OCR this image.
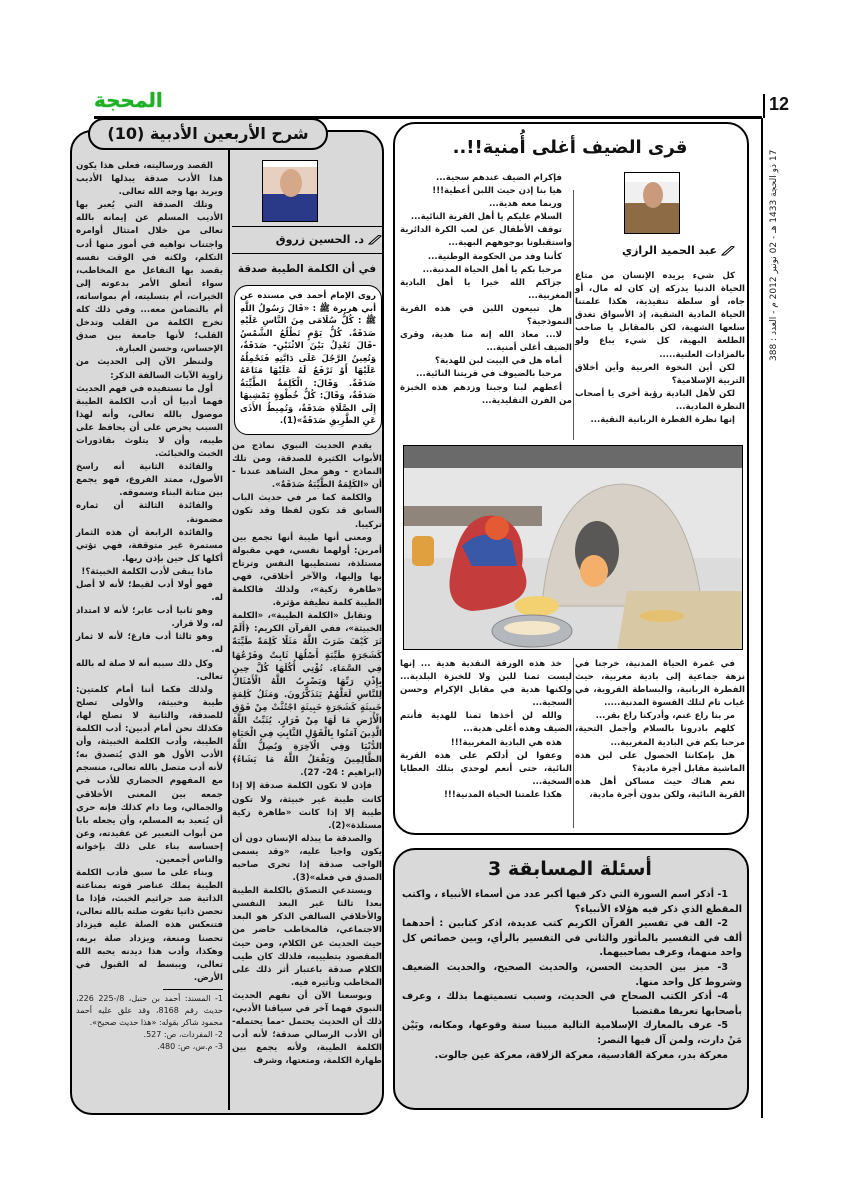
12
المحجة
17 ذو الحجة 1433 هـ - 02 نونبر 2012 م - العدد : 388
شرح الأربعين الأدبية (10)
د. الحسين زروق
في أن الكلمة الطيبة صدقة
روى الإمام أحمد في مسنده عن أبي هريرة ﷺ : «قَالَ رَسُولُ اللَّهِ ﷺ : كُلُّ سُلَامَى مِنَ النَّاسِ عَلَيْهِ صَدَقَةٌ. كُلُّ يَوْمٍ تَطْلُعُ الشَّمْسُ -قَالَ تَعْدِلُ بَيْنَ الاثْنَيْنِ- صَدَقَةٌ، وَتُعِينُ الرَّجُلَ عَلَى دَابَّتِهِ فَتَحْمِلُهُ عَلَيْهَا أَوْ تَرْفَعُ لَهُ عَلَيْهَا مَتَاعَهُ صَدَقَةٌ. وَقَالَ: الْكَلِمَةُ الطَّيِّبَةُ صَدَقَةٌ، وَقَالَ: كُلُّ خُطْوَةٍ يَمْشِيهَا إِلَى الصَّلَاةِ صَدَقَةٌ، وَتُمِيطُ الأَذَى عَنِ الطَّرِيقِ صَدَقَةٌ»(1).

يقدم الحديث النبوي نماذج من الأبواب الكثيرة للصدقة، ومن تلك النماذج - وهو محل الشاهد عندنا - أن «الكَلِمَةُ الطَّيِّبَةُ صَدَقَةٌ».

والكلمة كما مر في حديث الباب السابق قد تكون لفظا وقد تكون تركيبا.

ومعنى أنها طيبة أنها تجمع بين أمرين: أولهما نفسي، فهي مقبولة مستلذة، تستطيبها النفس وترتاح بها وإليها، والآخر أخلاقي، فهي «طاهرة زكية»، ولذلك فالكلمة الطيبة كلمة نظيفة مؤثرة.

وتقابل «الكلمة الطيبة»، «الكلمة الخبيثة»، ففي القرآن الكريم: ﴿أَلَمْ تَرَ كَيْفَ ضَرَبَ اللَّهُ مَثَلًا كَلِمَةً طَيِّبَةً كَشَجَرَةٍ طَيِّبَةٍ أَصْلُهَا ثَابِتٌ وَفَرْعُهَا فِي السَّمَاءِ. تُؤْتِي أُكُلَهَا كُلَّ حِينٍ بِإِذْنِ رَبِّهَا وَيَضْرِبُ اللَّهُ الْأَمْثَالَ لِلنَّاسِ لَعَلَّهُمْ يَتَذَكَّرُونَ. وَمَثَلُ كَلِمَةٍ خَبِيثَةٍ كَشَجَرَةٍ خَبِيثَةٍ اجْتُثَّتْ مِنْ فَوْقِ الْأَرْضِ مَا لَهَا مِنْ قَرَارٍ. يُثَبِّتُ اللَّهُ الَّذِينَ آمَنُوا بِالْقَوْلِ الثَّابِتِ فِي الْحَيَاةِ الدُّنْيَا وَفِي الْآخِرَةِ وَيُضِلُّ اللَّهُ الظَّالِمِينَ وَيَفْعَلُ اللَّهُ مَا يَشَاءُ﴾ (ابراهيم : 24- 27).

فإذن لا تكون الكلمة صدقة إلا إذا كانت طيبة غير خبيثة، ولا تكون طيبة إلا إذا كانت «طاهرة زكية مستلذة»(2).

والصدقة ما يبذله الإنسان دون أن يكون واجبا عليه، «وقد يسمى الواجب صدقة إذا تحرى صاحبه الصدق في فعله»(3).

ويستدعي التصدّق بالكلمة الطيبة بعدا ثالثا غير البعد النفسي والأخلاقي السالفي الذكر هو البعد الاجتماعي، فالمخاطب حاضر من حيث الحديث عن الكلام، ومن حيث المقصود بتطييبه، فلذلك كان طيب الكلام صدقة باعتبار أثر ذلك على المخاطب وتأثيره فيه.

وبوسعنا الآن أن نفهم الحديث النبوي فهما آخر في سياقنا الأدبي، ذلك أن الحديث يحتمل -مما يحتمله- أن الأدب الرسالي صدقة؛ لأنه أدب الكلمة الطيبة، ولأنه يجمع بين طهارة الكلمة، ومتعتها، وشرف

القصد ورساليته، فعلى هذا يكون هذا الأدب صدقة يبذلها الأديب ويريد بها وجه الله تعالى.

وتلك الصدقة التي يُعبر بها الأديب المسلم عن إيمانه بالله تعالى من خلال امتثال أوامره واجتناب نواهيه في أمور منها أدب التكلم، ولكنه في الوقت نفسه يقصد بها التفاعل مع المخاطب، سواء أتعلق الأمر بدعوته إلى الخيرات، أم بتسليته، أم بمواساته، أم بالتضامن معه... وفي ذلك كله تخرج الكلمة من القلب وتدخل القلب؛ لأنها جامعة بين صدق الإحساس، وحسن العبارة.

ولننظر الآن إلى الحديث من زاوية الآيات السالفة الذكر:

أول ما نستفيده في فهم الحديث فهما أدبيا أن أدب الكلمة الطيبة موصول بالله تعالى، وأنه لهذا السبب يحرص على أن يحافظ على طيبه، وأن لا يتلوث بقاذورات الخبث والخبائث.

والفائدة الثانية أنه راسخ الأصول، ممتد الفروع، فهو يجمع بين متانة البناء وسموقه.

والفائدة الثالثة أن ثماره مضمونة.

والفائدة الرابعة أن هذه الثمار مستمرة غير متوقفة، فهي تؤتي أكلها كل حين بإذن ربها.

ماذا يبقى لأدب الكلمة الخبيثة؟!

فهو أولا أدب لقيط؛ لأنه لا أصل له.

وهو ثانيا أدب عابر؛ لأنه لا امتداد له، ولا قرار.

وهو ثالثا أدب فارغ؛ لأنه لا ثمار له.

وكل ذلك سببه أنه لا صلة له بالله تعالى.

ولذلك فكما أننا أمام كلمتين: طيبة وخبيثة، والأولى تصلح للصدقة، والثانية لا تصلح لها، فكذلك نحن أمام أدبين: أدب الكلمة الطيبة، وأدب الكلمة الخبيثة، وأن الأدب الأول هو الذي يُتصدق به؛ لأنه أدب متصل بالله تعالى، منسجم مع المفهوم الحضاري للأدب في جمعه بين المعنى الأخلاقي والجمالي، وما دام كذلك فإنه حري أن يُتعبد به المسلم، وأن يجعله بابا من أبواب التعبير عن عقيدته، وعن إحساسه بناء على ذلك بإخوانه والناس أجمعين.

وبناء على ما سبق فأدب الكلمة الطيبة يملك عناصر قوته بمناعته الذاتية ضد جراثيم الخبث، فإذا ما تحصن ذاتيا تقوت صلته بالله تعالى، فتنعكس هذه الصلة عليه فيزداد تحصنا ومنعة، ويزداد صلة بربه، وهكذا، وأدب هذا ديدنه يحبه الله تعالى، ويبسط له القبول في الأرض.

1- المسند: أحمد بن حنبل، 8/-225 226، حديث رقم 8168، وقد علق عليه أحمد محمود شاكر بقوله: «هذا حديث صحيح».
2- المفردات، ص: 527.
3- م.س، ص: 480.
قرى الضيف أغلى أُمنية!!..
عبد الحميد الرازي

كل شيء يريده الإنسان من متاع الحياة الدنيا يدركه إن كان له مال، أو جاه، أو سلطة تنفيذية، هكذا علمتنا الحياة المادية الشقية، إذ الأسواق تغدق سلعها الشهية، لكن بالمقابل يا صاحب الطلعة البهية، كل شيء يباع ولو بالمزادات العلنية.....

لكن أين النخوة العربية وأين أخلاق التربية الإسلامية؟

لكن لأهل البادية رؤية أخرى يا أصحاب النظرة المادية...

إنها نظرة الفطرة الربانية النقية...

فإكرام الضيف عندهم سجية...

هيا بنا إذن حيث اللبن أعطية!!!

وربما معه هدية...

السلام عليكم يا أهل القرية النائية...

توقف الأطفال عن لعب الكرة الدائرية واستقبلونا بوجوههم البهية...

كأننا وفد من الحكومة الوطنية...

مرحبا بكم يا أهل الحياة المدنية...

جزاكم الله خيرا يا أهل البادية المغربية...

هل تبيعون اللبن في هذه القرية النموذجية؟

لا... معاذ الله إنه منا هدية، وقرى الضيف أغلى أمنية...

أماه هل في البيت لبن للهدية؟

مرحبا بالضيوف في قريتنا النائية...

أعطهم لبنا وجبنا وزدهم هذه الخبزة من الفرن التقليدية...

في غمرة الحياة المدنية، خرجنا في نزهة جماعية إلى بادية مغربية، حيث الفطرة الربانية، والبساطة القروية، في غياب تام لتلك القسوة المدنية.....

مر بنا راع غنم، وأدركنا راع بقر...

كلهم بادرونا بالسلام وأجمل التحية، مرحبا بكم في البادية المغربية...

هل بإمكاننا الحصول على لبن هذه الماشية مقابل أجرة مادية؟

نعم هناك حيث مساكن أهل هذه القرية النائية، ولكن بدون أجرة مادية،

خذ هذه الورقة النقدية هدية ... إنها ليست ثمنا للبن ولا للخبزة البلدية... ولكنها هدية في مقابل الإكرام وحسن السجية...

والله لن أخذها ثمنا للهدية فأنتم الضيف وهذه أغلى هدية...

هذه هي البادية المغربية!!!

وعفوا لن أدلكم على هذه القرية النائية، حتى أنعم لوحدي بتلك العطايا السخية...

هكذا علمتنا الحياة المدنية!!!

أسئلة المسابقة 3

1- أذكر اسم السورة التي ذكر فيها أكبر عدد من أسماء الأنبياء ، واكتب المقطع الذي ذكر فيه هؤلاء الأنبياء؟

2- الف في تفسير القرآن الكريم كتب عديدة، اذكر كتابين : أحدهما ألف في التفسير بالمأثور والثاني في التفسير بالرأي، وبين خصائص كل واحد منهما، وعرف بصاحبيهما.

3- ميز بين الحديث الحسن، والحديث الصحيح، والحديث الضعيف وشروط كل واحد منها.

4- أذكر الكتب الصحاح في الحديث، وسبب تسميتهما بذلك ، وعرف بأصحابها تعريفا مقتضبا

5- عرف بالمعارك الإسلامية التالية مبينا سنة وقوعها، ومكانه، وبَيْن مَنْ دارت، ولمن آل فيها النصر:

معركة بدر، معركة القادسية، معركة الزلاقة، معركة عين جالوت.
